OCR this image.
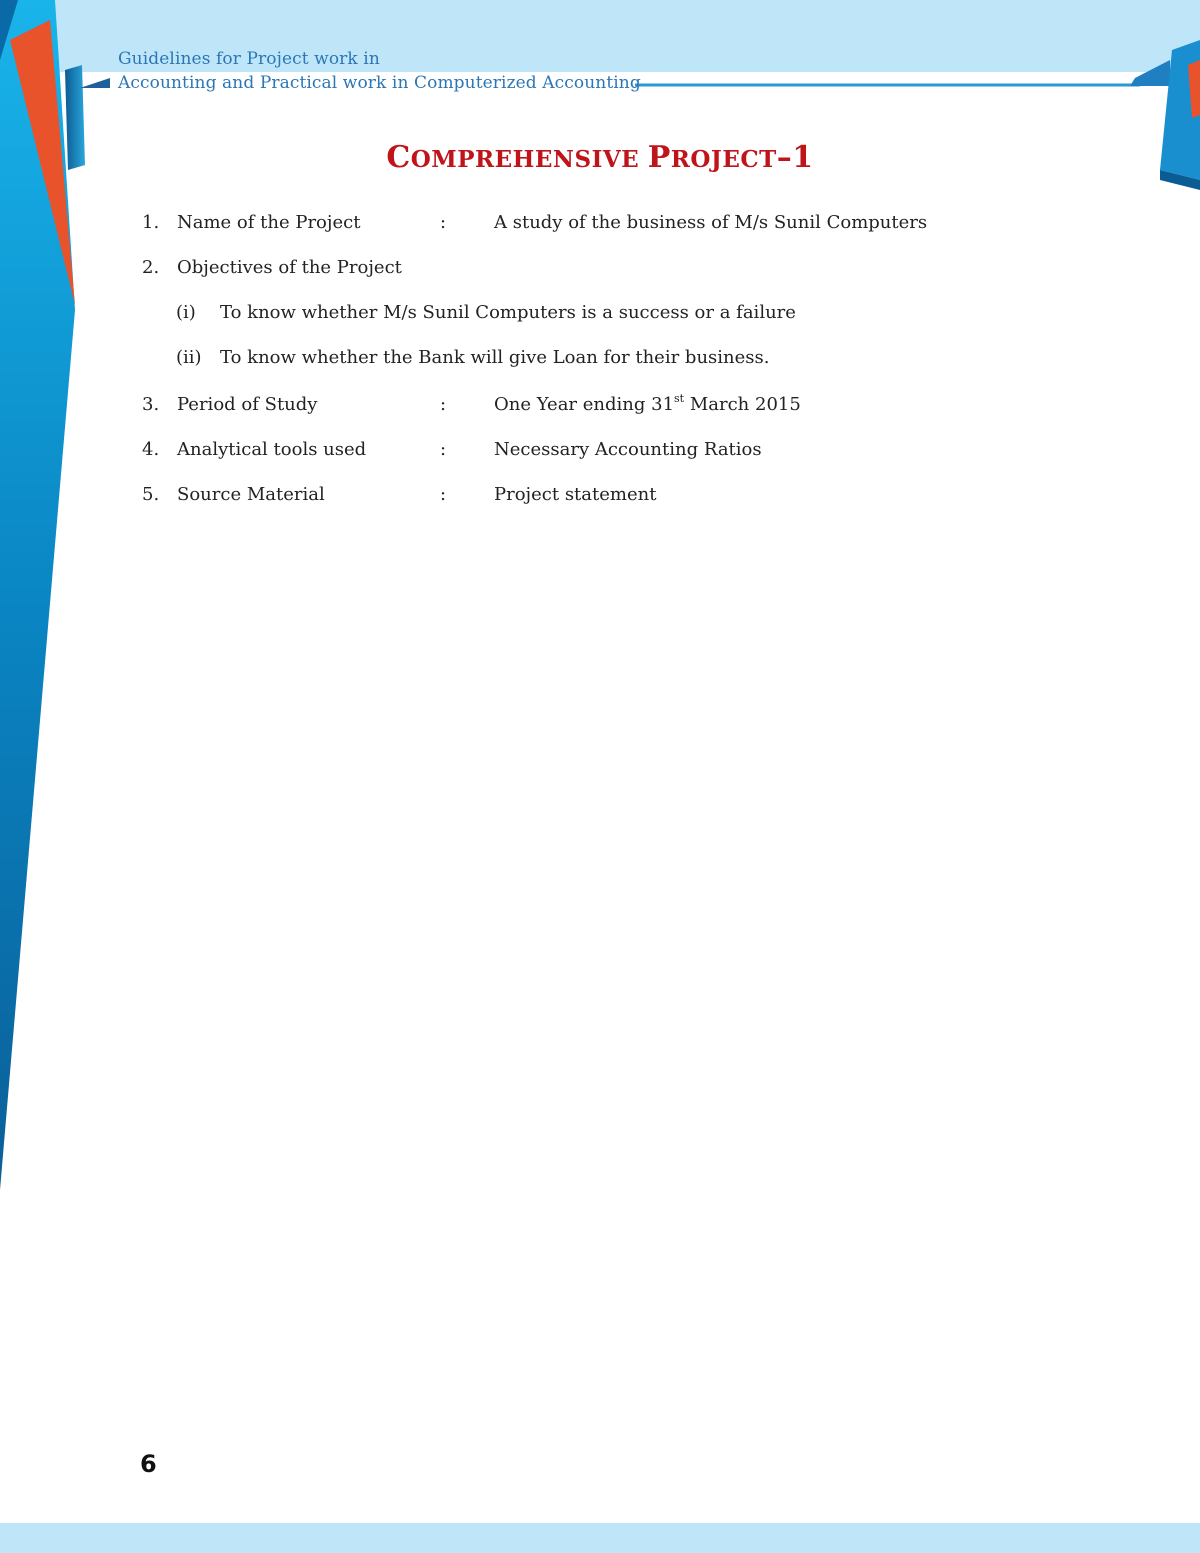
Guidelines for Project work in
Accounting and Practical work in Computerized Accounting
COMPREHENSIVE PROJECT–1
1. Name of the Project	:	A study of the business of M/s Sunil Computers
2. Objectives of the Project
(i) To know whether M/s Sunil Computers is a success or a failure
(ii) To know whether the Bank will give Loan for their business.
3. Period of Study	:	One Year ending 31st March 2015
4. Analytical tools used	:	Necessary Accounting Ratios
5. Source Material	:	Project statement
6
